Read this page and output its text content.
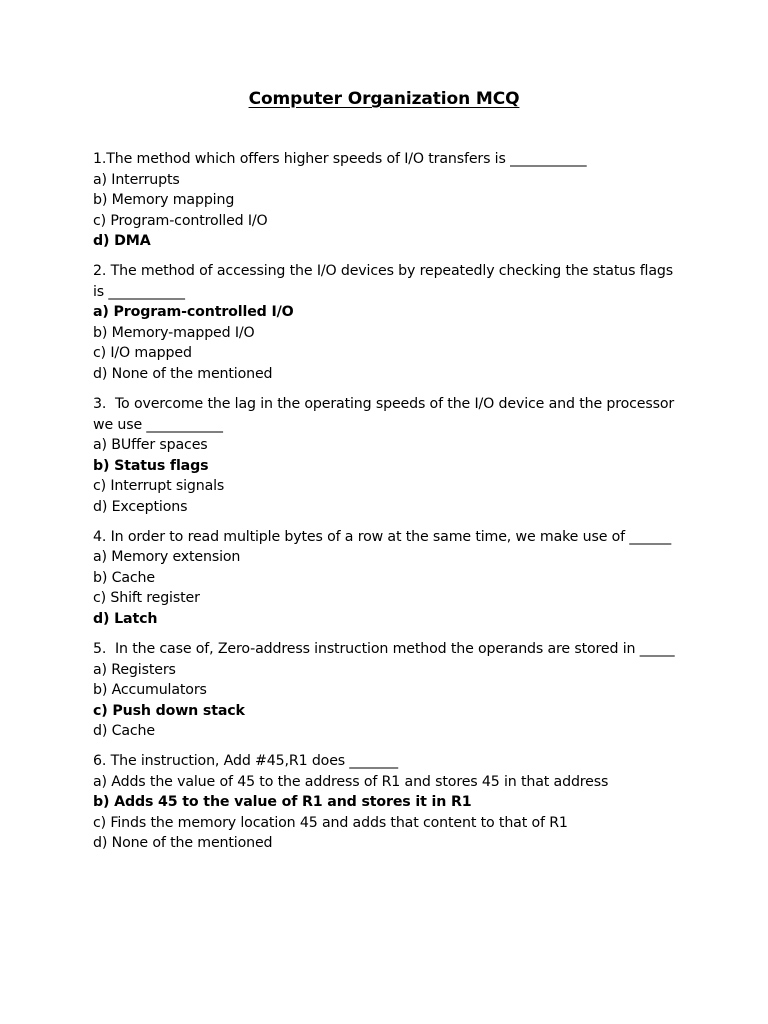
Computer Organization MCQ
1.The method which offers higher speeds of I/O transfers is ___________
a) Interrupts
b) Memory mapping
c) Program-controlled I/O
d) DMA
2. The method of accessing the I/O devices by repeatedly checking the status flags is ___________
a) Program-controlled I/O
b) Memory-mapped I/O
c) I/O mapped
d) None of the mentioned
3.  To overcome the lag in the operating speeds of the I/O device and the processor we use ___________
a) BUffer spaces
b) Status flags
c) Interrupt signals
d) Exceptions
4. In order to read multiple bytes of a row at the same time, we make use of ______
a) Memory extension
b) Cache
c) Shift register
d) Latch
5.  In the case of, Zero-address instruction method the operands are stored in _____
a) Registers
b) Accumulators
c) Push down stack
d) Cache
6. The instruction, Add #45,R1 does _______
a) Adds the value of 45 to the address of R1 and stores 45 in that address
b) Adds 45 to the value of R1 and stores it in R1
c) Finds the memory location 45 and adds that content to that of R1
d) None of the mentioned
